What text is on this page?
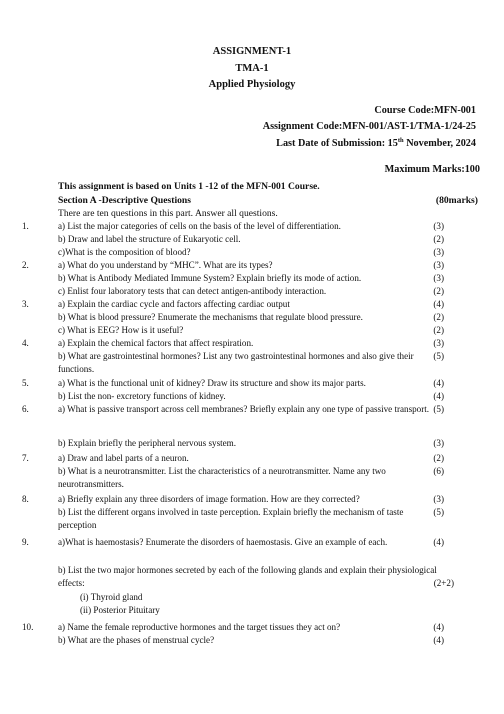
ASSIGNMENT-1
TMA-1
Applied Physiology
Course Code:MFN-001
Assignment Code:MFN-001/AST-1/TMA-1/24-25
Last Date of Submission: 15th November, 2024
Maximum Marks:100
This assignment is based on Units 1 -12 of the MFN-001 Course.
Section A -Descriptive Questions	(80marks)
There are ten questions in this part. Answer all questions.
1.	a) List the major categories of cells on the basis of the level of differentiation.	(3)
b) Draw and label the structure of Eukaryotic cell.	(2)
c)What is the composition of blood?	(3)
2.	a) What do you understand by “MHC”. What are its types?	(3)
b) What is Antibody Mediated Immune System? Explain briefly its mode of action.	(3)
c) Enlist four laboratory tests that can detect antigen-antibody interaction.	(2)
3.	a) Explain the cardiac cycle and factors affecting cardiac output	(4)
b) What is blood pressure? Enumerate the mechanisms that regulate blood pressure.	(2)
c) What is EEG? How is it useful?	(2)
4.	a) Explain the chemical factors that affect respiration.	(3)
b) What are gastrointestinal hormones? List any two gastrointestinal hormones and also give their functions.
(5)
5.	a) What is the functional unit of kidney? Draw its structure and show its major parts.	(4)
b) List the non- excretory functions of kidney.	(4)
6.	a) What is passive transport across cell membranes? Briefly explain any one type of passive transport. (5)
b) Explain briefly the peripheral nervous system.	(3)
7.	a) Draw and label parts of a neuron.	(2)
b) What is a neurotransmitter. List the characteristics of a neurotransmitter. Name any two neurotransmitters.
(6)
8.	a) Briefly explain any three disorders of image formation. How are they corrected?	(3)
b) List the different organs involved in taste perception. Explain briefly the mechanism of taste perception
(5)
9.	a)What is haemostasis? Enumerate the disorders of haemostasis. Give an example of each.	(4)
b) List the two major hormones secreted by each of the following glands and explain their physiological effects:	(2+2)
(i) Thyroid gland
(ii) Posterior Pituitary
10.	a) Name the female reproductive hormones and the target tissues they act on?	(4)
b) What are the phases of menstrual cycle?	(4)
